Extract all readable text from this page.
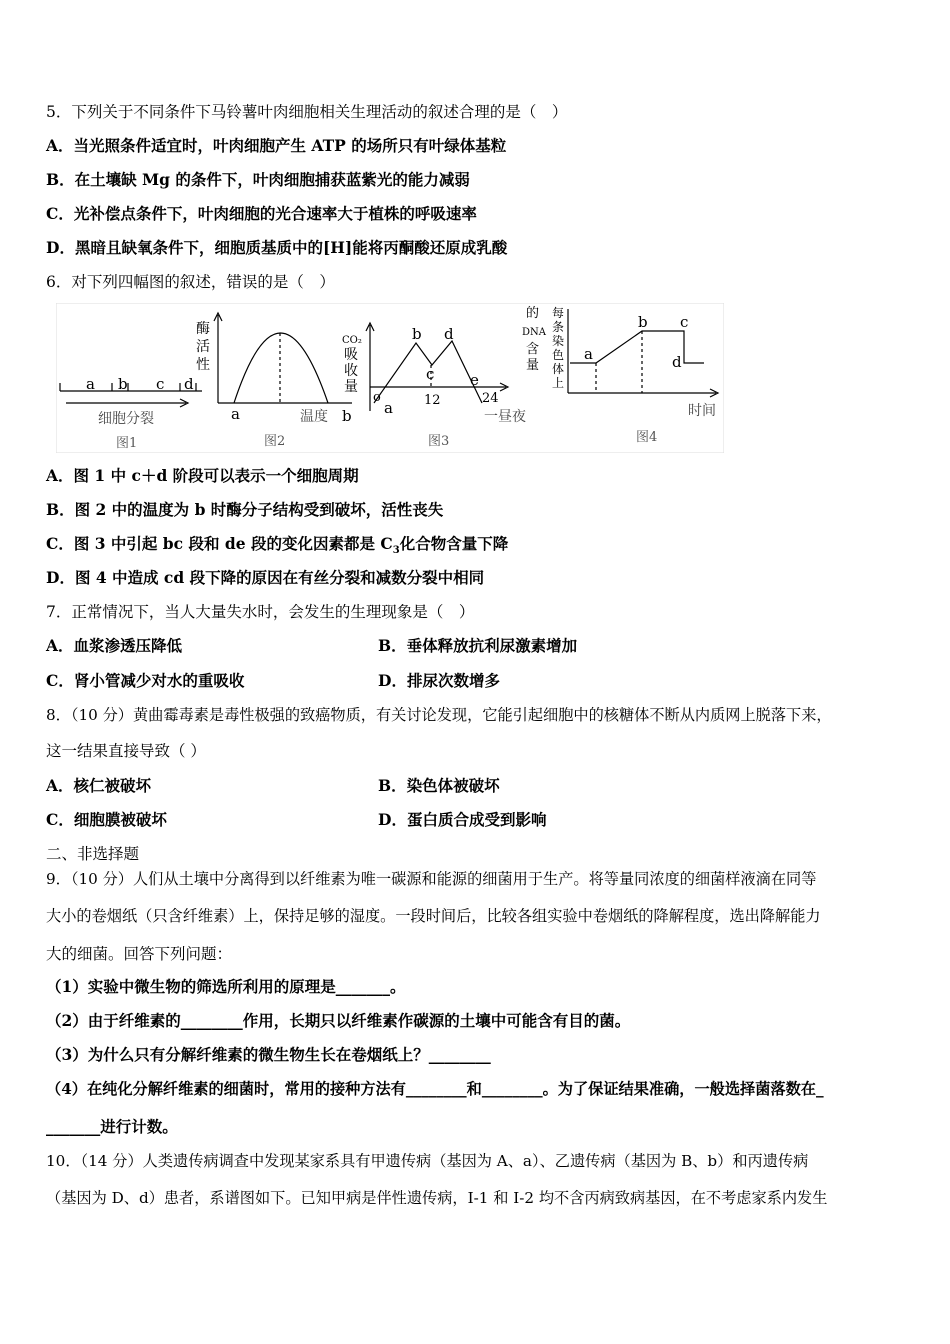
5．下列关于不同条件下马铃薯叶肉细胞相关生理活动的叙述合理的是（　）
A．当光照条件适宜时，叶肉细胞产生 ATP 的场所只有叶绿体基粒
B．在土壤缺 Mg 的条件下，叶肉细胞捕获蓝紫光的能力减弱
C．光补偿点条件下，叶肉细胞的光合速率大于植株的呼吸速率
D．黑暗且缺氧条件下，细胞质基质中的[H]能将丙酮酸还原成乳酸
6．对下列四幅图的叙述，错误的是（　）
a b c d
细胞分裂
图1
酶
活
性
a	温度 b
图2
CO₂
吸
收
量
o
a
b
c
d
e
12	24
一昼夜
图3
的
DNA
含
量
每
条
染
色
体
上
a
b c
d
时间
图4
A．图 1 中 c＋d 阶段可以表示一个细胞周期
B．图 2 中的温度为 b 时酶分子结构受到破坏，活性丧失
C．图 3 中引起 bc 段和 de 段的变化因素都是 $C_3$化合物含量下降
D．图 4 中造成 cd 段下降的原因在有丝分裂和减数分裂中相同
7．正常情况下，当人大量失水时，会发生的生理现象是（　）
A．血浆渗透压降低	B．垂体释放抗利尿激素增加
C．肾小管减少对水的重吸收	D．排尿次数增多
8．（10 分）黄曲霉毒素是毒性极强的致癌物质，有关讨论发现，它能引起细胞中的核糖体不断从内质网上脱落下来，
这一结果直接导致（ ）
A．核仁被破坏	B．染色体被破坏
C．细胞膜被破坏	D．蛋白质合成受到影响
二、非选择题
9．（10 分）人们从土壤中分离得到以纤维素为唯一碳源和能源的细菌用于生产。将等量同浓度的细菌样液滴在同等
大小的卷烟纸（只含纤维素）上，保持足够的湿度。一段时间后，比较各组实验中卷烟纸的降解程度，选出降解能力
大的细菌。回答下列问题：
（1）实验中微生物的筛选所利用的原理是_______。
（2）由于纤维素的________作用，长期只以纤维素作碳源的土壤中可能含有目的菌。
（3）为什么只有分解纤维素的微生物生长在卷烟纸上？________
（4）在纯化分解纤维素的细菌时，常用的接种方法有________和________。为了保证结果准确，一般选择菌落数在_
_______进行计数。
10．（14 分）人类遗传病调查中发现某家系具有甲遗传病（基因为 A、a）、乙遗传病（基因为 B、b）和丙遗传病
（基因为 D、d）患者，系谱图如下。已知甲病是伴性遗传病，I-1 和 I-2 均不含丙病致病基因，在不考虑家系内发生
